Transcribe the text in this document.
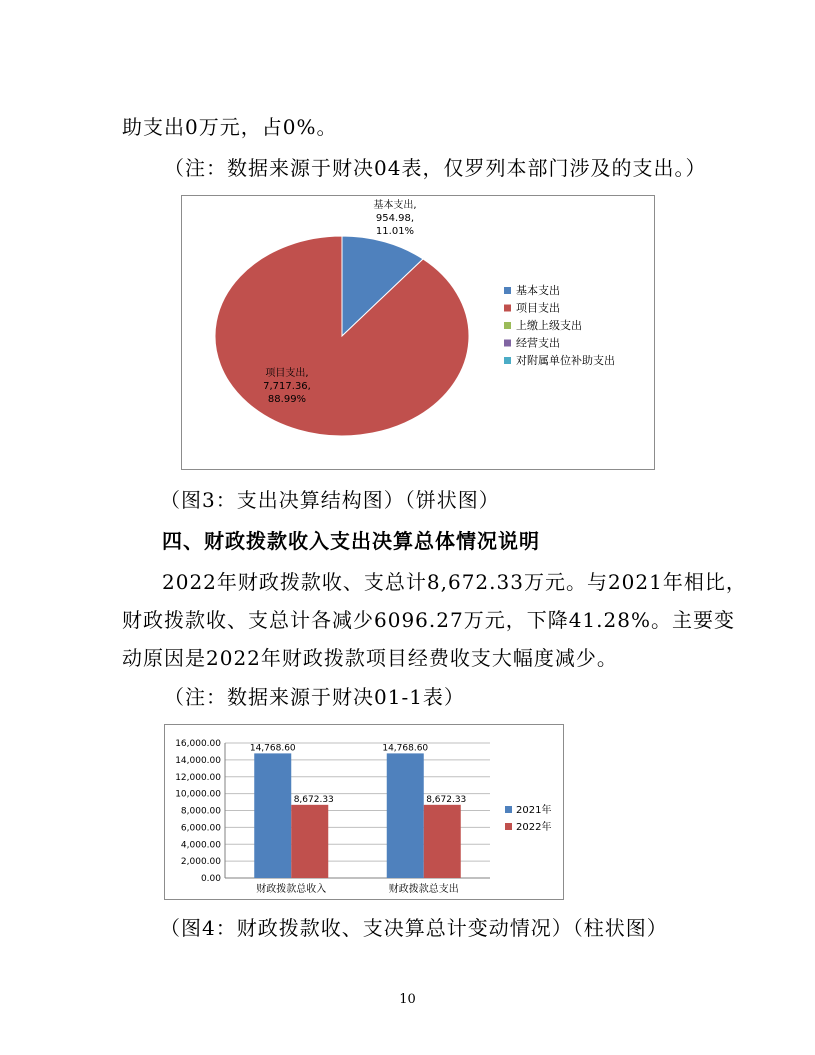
助支出0万元，占0%。
（注：数据来源于财决04表，仅罗列本部门涉及的支出。）
基本支出,
954.98,
11.01%
项目支出,
7,717.36,
88.99%
基本支出
项目支出
上缴上级支出
经营支出
对附属单位补助支出
（图3：支出决算结构图）（饼状图）
四、财政拨款收入支出决算总体情况说明
2022年财政拨款收、支总计8,672.33万元。与2021年相比，
财政拨款收、支总计各减少6096.27万元，下降41.28%。主要变
动原因是2022年财政拨款项目经费收支大幅度减少。
（注：数据来源于财决01-1表）
0.00
2,000.00
4,000.00
6,000.00
8,000.00
10,000.00
12,000.00
14,000.00
16,000.00	14,768.60
8,672.33
财政拨款总收入
14,768.60
8,672.33
财政拨款总支出
2021年
2022年
（图4：财政拨款收、支决算总计变动情况）（柱状图）
10
